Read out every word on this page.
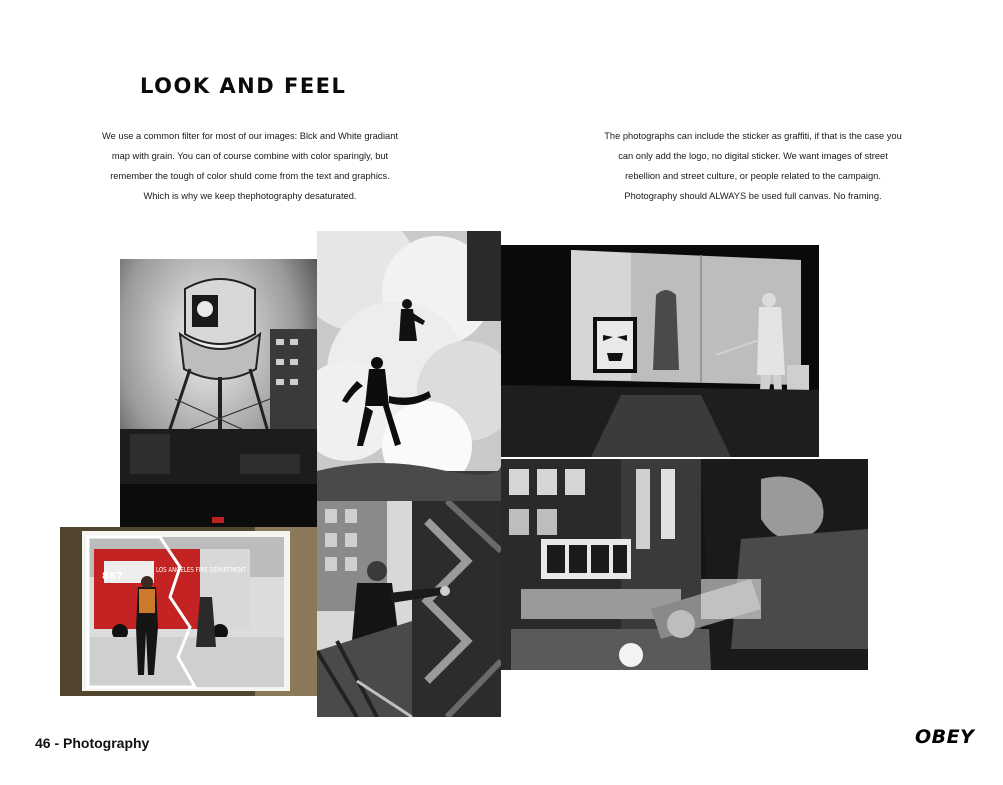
LOOK AND FEEL

We use a common filter for most of our images: Blck and White gradiant map with grain. You can of course combine with color sparingly, but remember the tough of color shuld come from the text and graphics. Which is why we keep thephotography desaturated.

The photographs can include the sticker as graffiti, if that is the case you can only add the logo, no digital sticker. We want images of street rebellion and street culture, or people related to the campaign. Photography should ALWAYS be used full canvas. No framing.

867
LOS ANGELES FIRE DEPARTMENT

46 - Photography	OBEY
